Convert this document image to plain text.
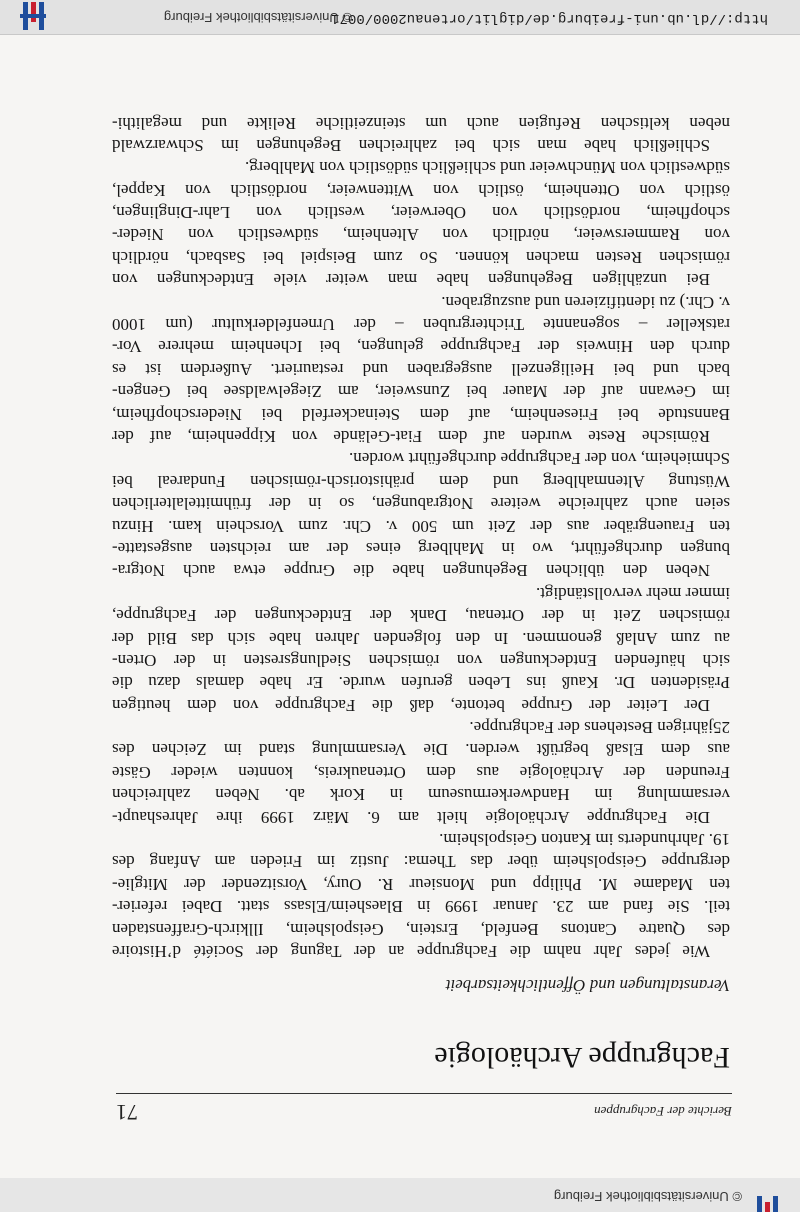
© Universitätsbibliothek Freiburg
Berichte der Fachgruppen
71
Fachgruppe Archäologie
Veranstaltungen und Öffentlichkeitsarbeit
Wie jedes Jahr nahm die Fachgruppe an der Tagung der Société d’Histoire
des Quatre Cantons Benfeld, Erstein, Geispolsheim, Illkirch-Graffenstaden
teil. Sie fand am 23. Januar 1999 in Blaesheim/Elsass statt. Dabei referier-
ten Madame M. Philipp und Monsieur R. Oury, Vorsitzender der Mitglie-
dergruppe Geispolsheim über das Thema: Justiz im Frieden am Anfang des
19. Jahrhunderts im Kanton Geispolsheim.
Die Fachgruppe Archäologie hielt am 6. März 1999 ihre Jahreshaupt-
versammlung im Handwerkermuseum in Kork ab. Neben zahlreichen
Freunden der Archäologie aus dem Ortenaukreis, konnten wieder Gäste
aus dem Elsaß begrüßt werden. Die Versammlung stand im Zeichen des
25jährigen Bestehens der Fachgruppe.
Der Leiter der Gruppe betonte, daß die Fachgruppe von dem heutigen
Präsidenten Dr. Kauß ins Leben gerufen wurde. Er habe damals dazu die
sich häufenden Entdeckungen von römischen Siedlungsresten in der Orten-
au zum Anlaß genommen. In den folgenden Jahren habe sich das Bild der
römischen Zeit in der Ortenau, Dank der Entdeckungen der Fachgruppe,
immer mehr vervollständigt.
Neben den üblichen Begehungen habe die Gruppe etwa auch Notgra-
bungen durchgeführt, wo in Mahlberg eines der am reichsten ausgestatte-
ten Frauengräber aus der Zeit um 500 v. Chr. zum Vorschein kam. Hinzu
seien auch zahlreiche weitere Notgrabungen, so in der frühmittelalterlichen
Wüstung Altenmahlberg und dem prähistorisch-römischen Fundareal bei
Schmieheim, von der Fachgruppe durchgeführt worden.
Römische Reste wurden auf dem Fiat-Gelände von Kippenheim, auf der
Bannstude bei Friesenheim, auf dem Steinackerfeld bei Niederschopfheim,
im Gewann auf der Mauer bei Zunsweier, am Ziegelwaldsee bei Gengen-
bach und bei Heiligenzell ausgegraben und restauriert. Außerdem ist es
durch den Hinweis der Fachgruppe gelungen, bei Ichenheim mehrere Vor-
ratskeller – sogenannte Trichtergruben – der Urnenfelderkultur (um 1000
v. Chr.) zu identifizieren und auszugraben.
Bei unzähligen Begehungen habe man weiter viele Entdeckungen von
römischen Resten machen können. So zum Beispiel bei Sasbach, nördlich
von Rammersweier, nördlich von Altenheim, südwestlich von Nieder-
schopfheim, nordöstlich von Oberweier, westlich von Lahr-Dinglingen,
östlich von Ottenheim, östlich von Wittenweier, nordöstlich von Kappel,
südwestlich von Münchweier und schließlich südöstlich von Mahlberg.
Schließlich habe man sich bei zahlreichen Begehungen im Schwarzwald
neben keltischen Refugien auch um steinzeitliche Relikte und megalithi-
http://dl.ub.uni-freiburg.de/diglit/ortenau2000/0071
© Universitätsbibliothek Freiburg
